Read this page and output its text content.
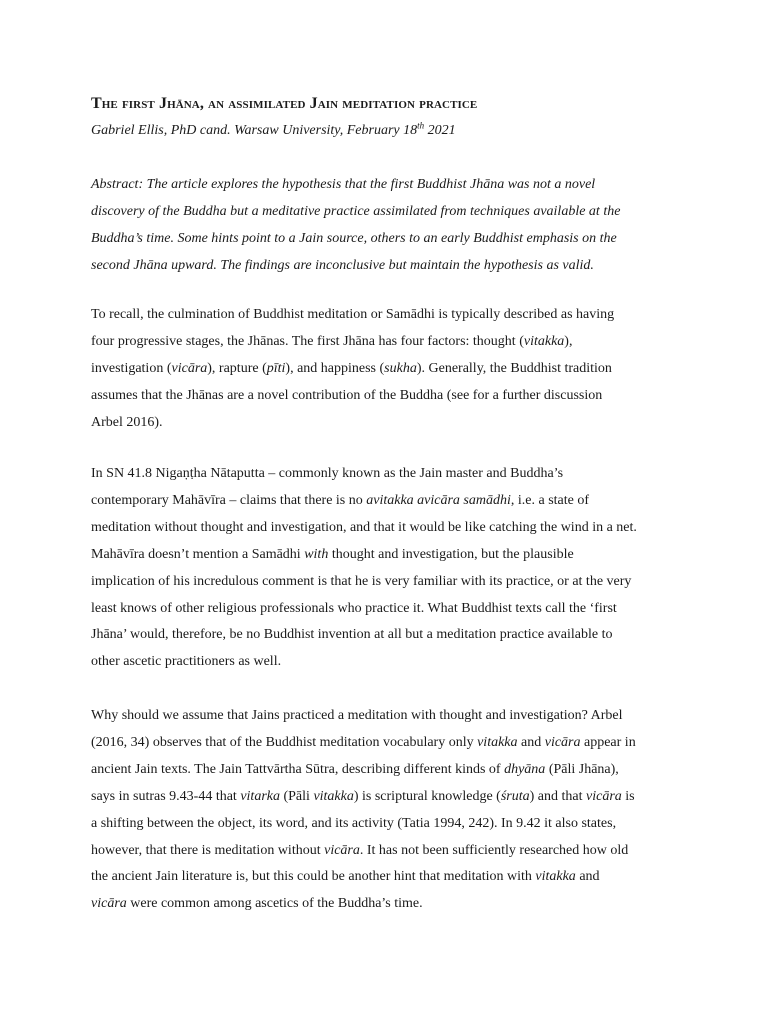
The first Jhāna, an assimilated Jain meditation practice
Gabriel Ellis, PhD cand. Warsaw University, February 18th 2021

Abstract: The article explores the hypothesis that the first Buddhist Jhāna was not a novel
discovery of the Buddha but a meditative practice assimilated from techniques available at the
Buddha’s time. Some hints point to a Jain source, others to an early Buddhist emphasis on the
second Jhāna upward. The findings are inconclusive but maintain the hypothesis as valid.

To recall, the culmination of Buddhist meditation or Samādhi is typically described as having
four progressive stages, the Jhānas. The first Jhāna has four factors: thought (vitakka),
investigation (vicāra), rapture (pīti), and happiness (sukha). Generally, the Buddhist tradition
assumes that the Jhānas are a novel contribution of the Buddha (see for a further discussion
Arbel 2016).

In SN 41.8 Nigaṇṭha Nātaputta – commonly known as the Jain master and Buddha’s
contemporary Mahāvīra – claims that there is no avitakka avicāra samādhi, i.e. a state of
meditation without thought and investigation, and that it would be like catching the wind in a net.
Mahāvīra doesn’t mention a Samādhi with thought and investigation, but the plausible
implication of his incredulous comment is that he is very familiar with its practice, or at the very
least knows of other religious professionals who practice it. What Buddhist texts call the ‘first
Jhāna’ would, therefore, be no Buddhist invention at all but a meditation practice available to
other ascetic practitioners as well.

Why should we assume that Jains practiced a meditation with thought and investigation? Arbel
(2016, 34) observes that of the Buddhist meditation vocabulary only vitakka and vicāra appear in
ancient Jain texts. The Jain Tattvārtha Sūtra, describing different kinds of dhyāna (Pāli Jhāna),
says in sutras 9.43-44 that vitarka (Pāli vitakka) is scriptural knowledge (śruta) and that vicāra is
a shifting between the object, its word, and its activity (Tatia 1994, 242). In 9.42 it also states,
however, that there is meditation without vicāra. It has not been sufficiently researched how old
the ancient Jain literature is, but this could be another hint that meditation with vitakka and
vicāra were common among ascetics of the Buddha’s time.
